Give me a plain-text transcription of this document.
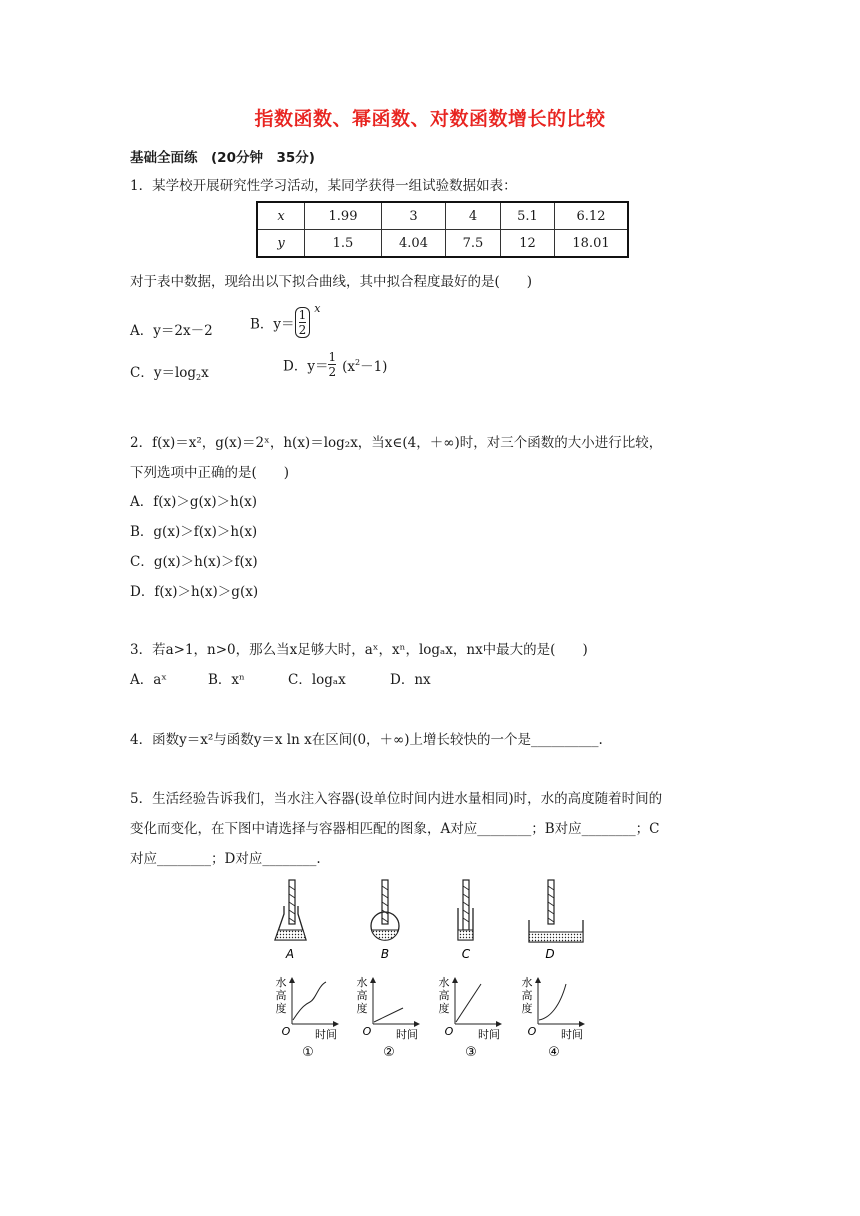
指数函数、幂函数、对数函数增长的比较
基础全面练　(20分钟　35分)
1．某学校开展研究性学习活动，某同学获得一组试验数据如表：
x	1.99	3	4	5.1	6.12
y	1.5	4.04	7.5	12	18.01
对于表中数据，现给出以下拟合曲线，其中拟合程度最好的是(　　)
A．y＝2x－2	B．$y= \frac{1}{2} ^x$
C．$y=\log_2x$	D．$y= \frac{1}{2} (x^2-1)$
2．f(x)＝x²，g(x)＝2ˣ，h(x)＝log₂x，当x∈(4，＋∞)时，对三个函数的大小进行比较，
下列选项中正确的是(　　)
A．f(x)＞g(x)＞h(x)
B．g(x)＞f(x)＞h(x)
C．g(x)＞h(x)＞f(x)
D．f(x)＞h(x)＞g(x)
3．若a>1，n>0，那么当x足够大时，aˣ，xⁿ，logₐx，nx中最大的是(　　)
A．aˣ	B．xⁿ	C．logₐx	D．nx
4．函数y＝x²与函数y＝x ln x在区间(0，＋∞)上增长较快的一个是__________.
5．生活经验告诉我们，当水注入容器(设单位时间内进水量相同)时，水的高度随着时间的
变化而变化，在下图中请选择与容器相匹配的图象，A对应________；B对应________；C
对应________；D对应________.
A	B	C	D
水
高
度
O 时间
①
水
高
度
O 时间
②
水
高
度
O 时间
③
水
高
度
O 时间
④
